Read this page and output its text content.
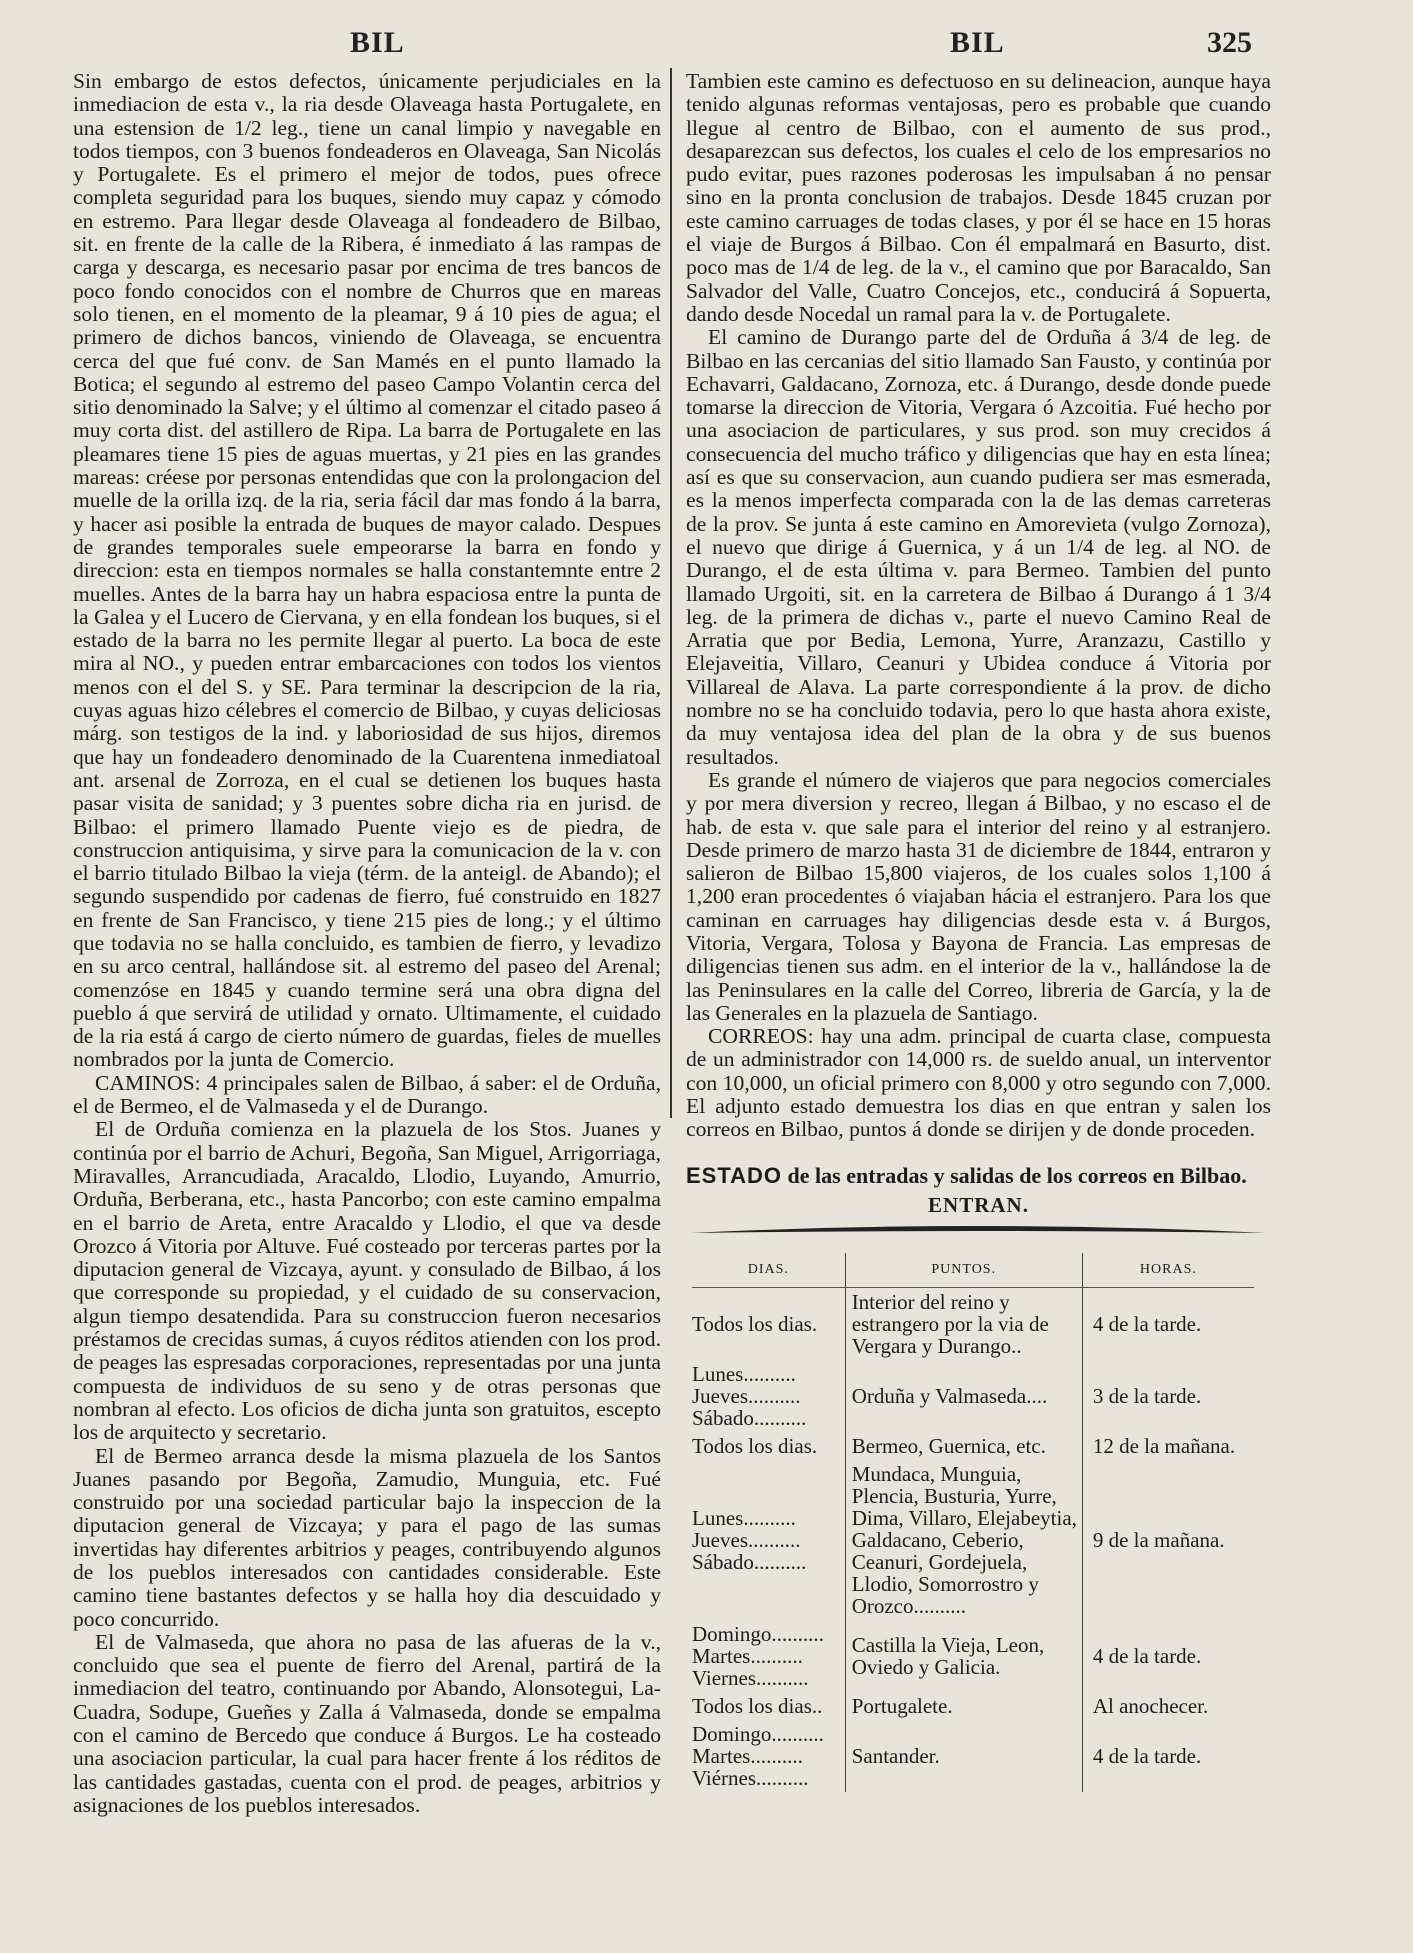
BIL	BIL	325

Sin embargo de estos defectos, únicamente perjudiciales en la inmediacion de esta v., la ria desde Olaveaga hasta Portugalete, en una estension de 1/2 leg., tiene un canal limpio y navegable en todos tiempos, con 3 buenos fondeaderos en Olaveaga, San Nicolás y Portugalete. Es el primero el mejor de todos, pues ofrece completa seguridad para los buques, siendo muy capaz y cómodo en estremo. Para llegar desde Olaveaga al fondeadero de Bilbao, sit. en frente de la calle de la Ribera, é inmediato á las rampas de carga y descarga, es necesario pasar por encima de tres bancos de poco fondo conocidos con el nombre de Churros que en mareas solo tienen, en el momento de la pleamar, 9 á 10 pies de agua; el primero de dichos bancos, viniendo de Olaveaga, se encuentra cerca del que fué conv. de San Mamés en el punto llamado la Botica; el segundo al estremo del paseo Campo Volantin cerca del sitio denominado la Salve; y el último al comenzar el citado paseo á muy corta dist. del astillero de Ripa. La barra de Portugalete en las pleamares tiene 15 pies de aguas muertas, y 21 pies en las grandes mareas: créese por personas entendidas que con la prolongacion del muelle de la orilla izq. de la ria, seria fácil dar mas fondo á la barra, y hacer asi posible la entrada de buques de mayor calado. Despues de grandes temporales suele empeorarse la barra en fondo y direccion: esta en tiempos normales se halla constantemnte entre 2 muelles. Antes de la barra hay un habra espaciosa entre la punta de la Galea y el Lucero de Ciervana, y en ella fondean los buques, si el estado de la barra no les permite llegar al puerto. La boca de este mira al NO., y pueden entrar embarcaciones con todos los vientos menos con el del S. y SE. Para terminar la descripcion de la ria, cuyas aguas hizo célebres el comercio de Bilbao, y cuyas deliciosas márg. son testigos de la ind. y laboriosidad de sus hijos, diremos que hay un fondeadero denominado de la Cuarentena inmediatoal ant. arsenal de Zorroza, en el cual se detienen los buques hasta pasar visita de sanidad; y 3 puentes sobre dicha ria en jurisd. de Bilbao: el primero llamado Puente viejo es de piedra, de construccion antiquisima, y sirve para la comunicacion de la v. con el barrio titulado Bilbao la vieja (térm. de la anteigl. de Abando); el segundo suspendido por cadenas de fierro, fué construido en 1827 en frente de San Francisco, y tiene 215 pies de long.; y el último que todavia no se halla concluido, es tambien de fierro, y levadizo en su arco central, hallándose sit. al estremo del paseo del Arenal; comenzóse en 1845 y cuando termine será una obra digna del pueblo á que servirá de utilidad y ornato. Ultimamente, el cuidado de la ria está á cargo de cierto número de guardas, fieles de muelles nombrados por la junta de Comercio.

CAMINOS: 4 principales salen de Bilbao, á saber: el de Orduña, el de Bermeo, el de Valmaseda y el de Durango.

El de Orduña comienza en la plazuela de los Stos. Juanes y continúa por el barrio de Achuri, Begoña, San Miguel, Arrigorriaga, Miravalles, Arrancudiada, Aracaldo, Llodio, Luyando, Amurrio, Orduña, Berberana, etc., hasta Pancorbo; con este camino empalma en el barrio de Areta, entre Aracaldo y Llodio, el que va desde Orozco á Vitoria por Altuve. Fué costeado por terceras partes por la diputacion general de Vizcaya, ayunt. y consulado de Bilbao, á los que corresponde su propiedad, y el cuidado de su conservacion, algun tiempo desatendida. Para su construccion fueron necesarios préstamos de crecidas sumas, á cuyos réditos atienden con los prod. de peages las espresadas corporaciones, representadas por una junta compuesta de individuos de su seno y de otras personas que nombran al efecto. Los oficios de dicha junta son gratuitos, escepto los de arquitecto y secretario.

El de Bermeo arranca desde la misma plazuela de los Santos Juanes pasando por Begoña, Zamudio, Munguia, etc. Fué construido por una sociedad particular bajo la inspeccion de la diputacion general de Vizcaya; y para el pago de las sumas invertidas hay diferentes arbitrios y peages, contribuyendo algunos de los pueblos interesados con cantidades considerable. Este camino tiene bastantes defectos y se halla hoy dia descuidado y poco concurrido.

El de Valmaseda, que ahora no pasa de las afueras de la v., concluido que sea el puente de fierro del Arenal, partirá de la inmediacion del teatro, continuando por Abando, Alonsotegui, La-Cuadra, Sodupe, Gueñes y Zalla á Valmaseda, donde se empalma con el camino de Bercedo que conduce á Burgos. Le ha costeado una asociacion particular, la cual para hacer frente á los réditos de las cantidades gastadas, cuenta con el prod. de peages, arbitrios y asignaciones de los pueblos interesados.

Tambien este camino es defectuoso en su delineacion, aunque haya tenido algunas reformas ventajosas, pero es probable que cuando llegue al centro de Bilbao, con el aumento de sus prod., desaparezcan sus defectos, los cuales el celo de los empresarios no pudo evitar, pues razones poderosas les impulsaban á no pensar sino en la pronta conclusion de trabajos. Desde 1845 cruzan por este camino carruages de todas clases, y por él se hace en 15 horas el viaje de Burgos á Bilbao. Con él empalmará en Basurto, dist. poco mas de 1/4 de leg. de la v., el camino que por Baracaldo, San Salvador del Valle, Cuatro Concejos, etc., conducirá á Sopuerta, dando desde Nocedal un ramal para la v. de Portugalete.

El camino de Durango parte del de Orduña á 3/4 de leg. de Bilbao en las cercanias del sitio llamado San Fausto, y continúa por Echavarri, Galdacano, Zornoza, etc. á Durango, desde donde puede tomarse la direccion de Vitoria, Vergara ó Azcoitia. Fué hecho por una asociacion de particulares, y sus prod. son muy crecidos á consecuencia del mucho tráfico y diligencias que hay en esta línea; así es que su conservacion, aun cuando pudiera ser mas esmerada, es la menos imperfecta comparada con la de las demas carreteras de la prov. Se junta á este camino en Amorevieta (vulgo Zornoza), el nuevo que dirige á Guernica, y á un 1/4 de leg. al NO. de Durango, el de esta última v. para Bermeo. Tambien del punto llamado Urgoiti, sit. en la carretera de Bilbao á Durango á 1 3/4 leg. de la primera de dichas v., parte el nuevo Camino Real de Arratia que por Bedia, Lemona, Yurre, Aranzazu, Castillo y Elejaveitia, Villaro, Ceanuri y Ubidea conduce á Vitoria por Villareal de Alava. La parte correspondiente á la prov. de dicho nombre no se ha concluido todavia, pero lo que hasta ahora existe, da muy ventajosa idea del plan de la obra y de sus buenos resultados.

Es grande el número de viajeros que para negocios comerciales y por mera diversion y recreo, llegan á Bilbao, y no escaso el de hab. de esta v. que sale para el interior del reino y al estranjero. Desde primero de marzo hasta 31 de diciembre de 1844, entraron y salieron de Bilbao 15,800 viajeros, de los cuales solos 1,100 á 1,200 eran procedentes ó viajaban hácia el estranjero. Para los que caminan en carruages hay diligencias desde esta v. á Burgos, Vitoria, Vergara, Tolosa y Bayona de Francia. Las empresas de diligencias tienen sus adm. en el interior de la v., hallándose la de las Peninsulares en la calle del Correo, libreria de García, y la de las Generales en la plazuela de Santiago.

CORREOS: hay una adm. principal de cuarta clase, compuesta de un administrador con 14,000 rs. de sueldo anual, un interventor con 10,000, un oficial primero con 8,000 y otro segundo con 7,000. El adjunto estado demuestra los dias en que entran y salen los correos en Bilbao, puntos á donde se dirijen y de donde proceden.

ESTADO de las entradas y salidas de los correos en Bilbao.
ENTRAN.
DIAS.	PUNTOS.	HORAS.
Todos los dias.	Interior del reino y estrangero por la via de Vergara y Durango..	4 de la tarde.
Lunes.......... Jueves.......... Sábado..........	Orduña y Valmaseda....	3 de la tarde.
Todos los dias.	Bermeo, Guernica, etc.	12 de la mañana.
Lunes.......... Jueves.......... Sábado..........	Mundaca, Munguia, Plencia, Busturia, Yurre, Dima, Villaro, Elejabeytia, Galdacano, Ceberio, Ceanuri, Gordejuela, Llodio, Somorrostro y Orozco..........	9 de la mañana.
Domingo.......... Martes.......... Viernes..........	Castilla la Vieja, Leon, Oviedo y Galicia.	4 de la tarde.
Todos los dias..	Portugalete.	Al anochecer.
Domingo.......... Martes.......... Viérnes..........	Santander.	4 de la tarde.
